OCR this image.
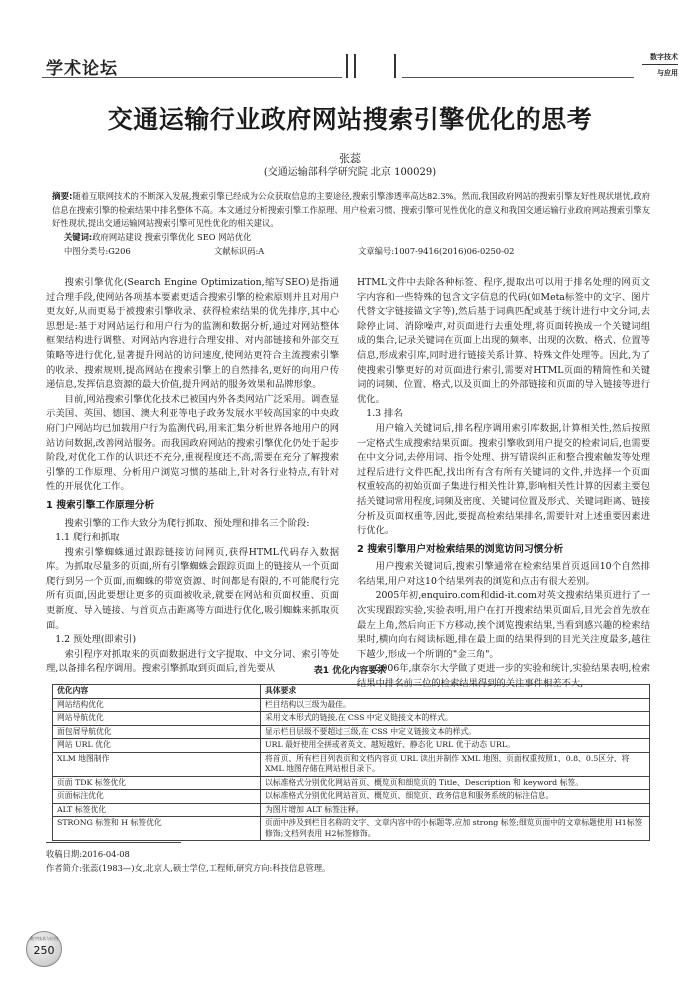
学术论坛
数字技术
与应用
交通运输行业政府网站搜索引擎优化的思考
张蕊
(交通运输部科学研究院 北京 100029)
摘要:随着互联网技术的不断深入发展,搜索引擎已经成为公众获取信息的主要途径,搜索引擎渗透率高达82.3%。然而,我国政府网站的搜索引擎友好性现状堪忧,政府信息在搜索引擎的检索结果中排名整体不高。本文通过分析搜索引擎工作原理、用户检索习惯、搜索引擎可见性优化的意义和我国交通运输行业政府网站搜索引擎友好性现状,提出交通运输网站搜索引擎可见性优化的相关建议。
关键词:政府网站建设 搜索引擎优化 SEO 网站优化
中图分类号:G206	文献标识码:A	文章编号:1007-9416(2016)06-0250-02

搜索引擎优化(Search Engine Optimization,缩写SEO)是指通过合理手段,使网站各项基本要素更适合搜索引擎的检索原则并且对用户更友好,从而更易于被搜索引擎收录、获得检索结果的优先排序,其中心思想是:基于对网站运行和用户行为的监测和数据分析,通过对网站整体框架结构进行调整、对网站内容进行合理安排、对内部链接和外部交互策略等进行优化,显著提升网站的访问速度,使网站更符合主流搜索引擎的收录、搜索规则,提高网站在搜索引擎上的自然排名,更好的向用户传递信息,发挥信息资源的最大价值,提升网站的服务效果和品牌形象。

目前,网站搜索引擎优化技术已被国内外各类网站广泛采用。调查显示美国、英国、德国、澳大利亚等电子政务发展水平较高国家的中央政府门户网站均已加载用户行为监测代码,用来汇集分析世界各地用户的网站访问数据,改善网站服务。而我国政府网站的搜索引擎优化仍处于起步阶段,对优化工作的认识还不充分,重视程度还不高,需要在充分了解搜索引擎的工作原理、分析用户浏览习惯的基础上,针对各行业特点,有针对性的开展优化工作。

1 搜索引擎工作原理分析

搜索引擎的工作大致分为爬行抓取、预处理和排名三个阶段:

1.1 爬行和抓取

搜索引擎蜘蛛通过跟踪链接访问网页,获得HTML代码存入数据库。为抓取尽量多的页面,所有引擎蜘蛛会跟踪页面上的链接从一个页面爬行到另一个页面,而蜘蛛的带宽资源、时间都是有限的,不可能爬行完所有页面,因此要想让更多的页面被收录,就要在网站和页面权重、页面更新度、导入链接、与首页点击距离等方面进行优化,吸引蜘蛛来抓取页面。

1.2 预处理(即索引)

索引程序对抓取来的页面数据进行文字提取、中文分词、索引等处理,以备排名程序调用。搜索引擎抓取到页面后,首先要从

HTML文件中去除各种标签、程序,提取出可以用于排名处理的网页文字内容和一些特殊的包含文字信息的代码(如Meta标签中的文字、图片代替文字链接锚文字等),然后基于词典匹配或基于统计进行中文分词,去除停止词、消除噪声,对页面进行去重处理,将页面转换成一个关键词组成的集合,记录关键词在页面上出现的频率、出现的次数、格式、位置等信息,形成索引库,同时进行链接关系计算、特殊文件处理等。因此,为了使搜索引擎更好的对页面进行索引,需要对HTML页面的精简性和关键词的词频、位置、格式,以及页面上的外部链接和页面的导入链接等进行优化。

1.3 排名

用户输入关键词后,排名程序调用索引库数据,计算相关性,然后按照一定格式生成搜索结果页面。搜索引擎收到用户提交的检索词后,也需要在中文分词,去停用词、指令处理、拼写错误纠正和整合搜索触发等处理过程后进行文件匹配,找出所有含有所有关键词的文件,并选择一个页面权重较高的初始页面子集进行相关性计算,影响相关性计算的因素主要包括关键词常用程度,词频及密度、关键词位置及形式、关键词距离、链接分析及页面权重等,因此,要提高检索结果排名,需要针对上述重要因素进行优化。

2 搜索引擎用户对检索结果的浏览访问习惯分析

用户搜索关键词后,搜索引擎通常在检索结果首页返回10个自然排名结果,用户对这10个结果列表的浏览和点击有很大差别。

2005年初,enquiro.com和did-it.com对英文搜索结果页进行了一次实现跟踪实验,实验表明,用户在打开搜索结果页面后,目光会首先放在最左上角,然后向正下方移动,挨个浏览搜索结果,当看到感兴趣的检索结果时,横向向右阅读标题,排在最上面的结果得到的目光关注度最多,越往下越少,形成一个所谓的"金三角"。

2006年,康奈尔大学做了更进一步的实验和统计,实验结果表明,检索结果中排名前三位的检索结果得到的关注事件相差不大,

表1 优化内容要求
优化内容	具体要求
网站结构优化	栏目结构以三级为最佳。
网站导航优化	采用文本形式的链接,在 CSS 中定义链接文本的样式。
面包屑导航优化	显示栏目层级不要超过三级,在 CSS 中定义链接文本的样式。
网站 URL 优化	URL 最好使用全拼或者英文、越短越好、静态化 URL 优于动态 URL。
XLM 地图制作	将首页、所有栏目列表页和文档内容页 URL 读出并制作 XML 地图、页面权重按照1、0.8、0.5区分、将 XML 地图存储在网站根目录下。
页面 TDK 标签优化	以标准格式分别优化网站首页、概览页和细览页的 Title、Description 和 keyword 标签。
页面标注优化	以标准格式分别优化网站首页、概览页、细览页、政务信息和服务系统的标注信息。
ALT 标签优化	为图片增加 ALT 标签注释。
STRONG 标签和 H 标签优化	页面中涉及到栏目名称的文字、文章内容中的小标题等,应加 strong 标签;细览页面中的文章标题使用 H1标签修饰;文档列表用 H2标签修饰。
收稿日期:2016-04-08
作者简介:张蕊(1983—)女,北京人,硕士学位,工程师,研究方向:科技信息管理。
数字技术与应用
250
